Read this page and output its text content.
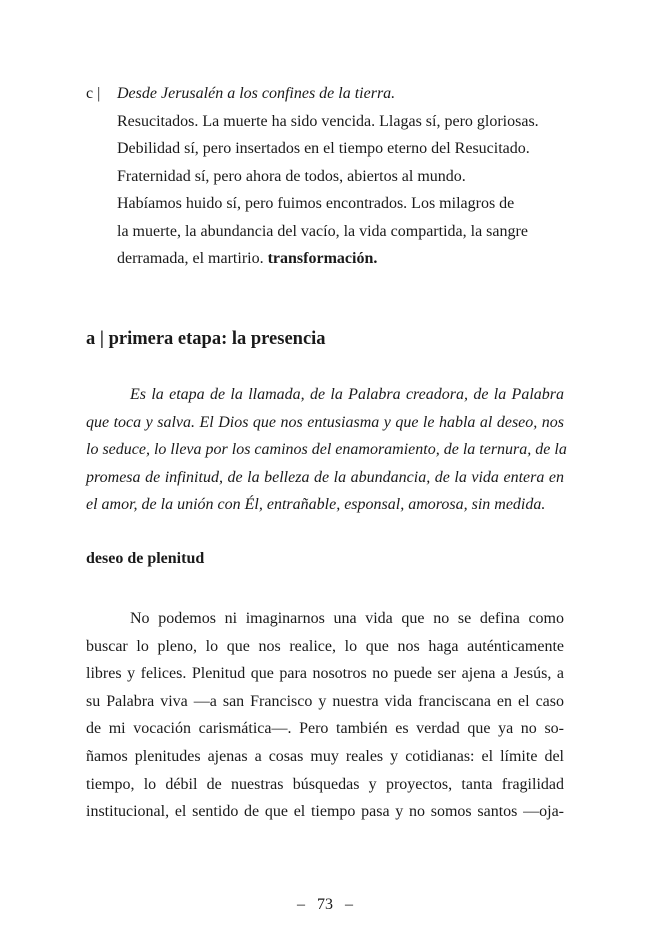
c | Desde Jerusalén a los confines de la tierra.
Resucitados. La muerte ha sido vencida. Llagas sí, pero gloriosas.
Debilidad sí, pero insertados en el tiempo eterno del Resucitado.
Fraternidad sí, pero ahora de todos, abiertos al mundo.
Habíamos huido sí, pero fuimos encontrados. Los milagros de
la muerte, la abundancia del vacío, la vida compartida, la sangre
derramada, el martirio. transformación.
a | primera etapa: la presencia
Es la etapa de la llamada, de la Palabra creadora, de la Palabra
que toca y salva. El Dios que nos entusiasma y que le habla al deseo, nos
lo seduce, lo lleva por los caminos del enamoramiento, de la ternura, de la
promesa de infinitud, de la belleza de la abundancia, de la vida entera en
el amor, de la unión con Él, entrañable, esponsal, amorosa, sin medida.
deseo de plenitud
No podemos ni imaginarnos una vida que no se defina como
buscar lo pleno, lo que nos realice, lo que nos haga auténticamente
libres y felices. Plenitud que para nosotros no puede ser ajena a Jesús, a
su Palabra viva —a san Francisco y nuestra vida franciscana en el caso
de mi vocación carismática—. Pero también es verdad que ya no so-
ñamos plenitudes ajenas a cosas muy reales y cotidianas: el límite del
tiempo, lo débil de nuestras búsquedas y proyectos, tanta fragilidad
institucional, el sentido de que el tiempo pasa y no somos santos —oja-
–   73   –
